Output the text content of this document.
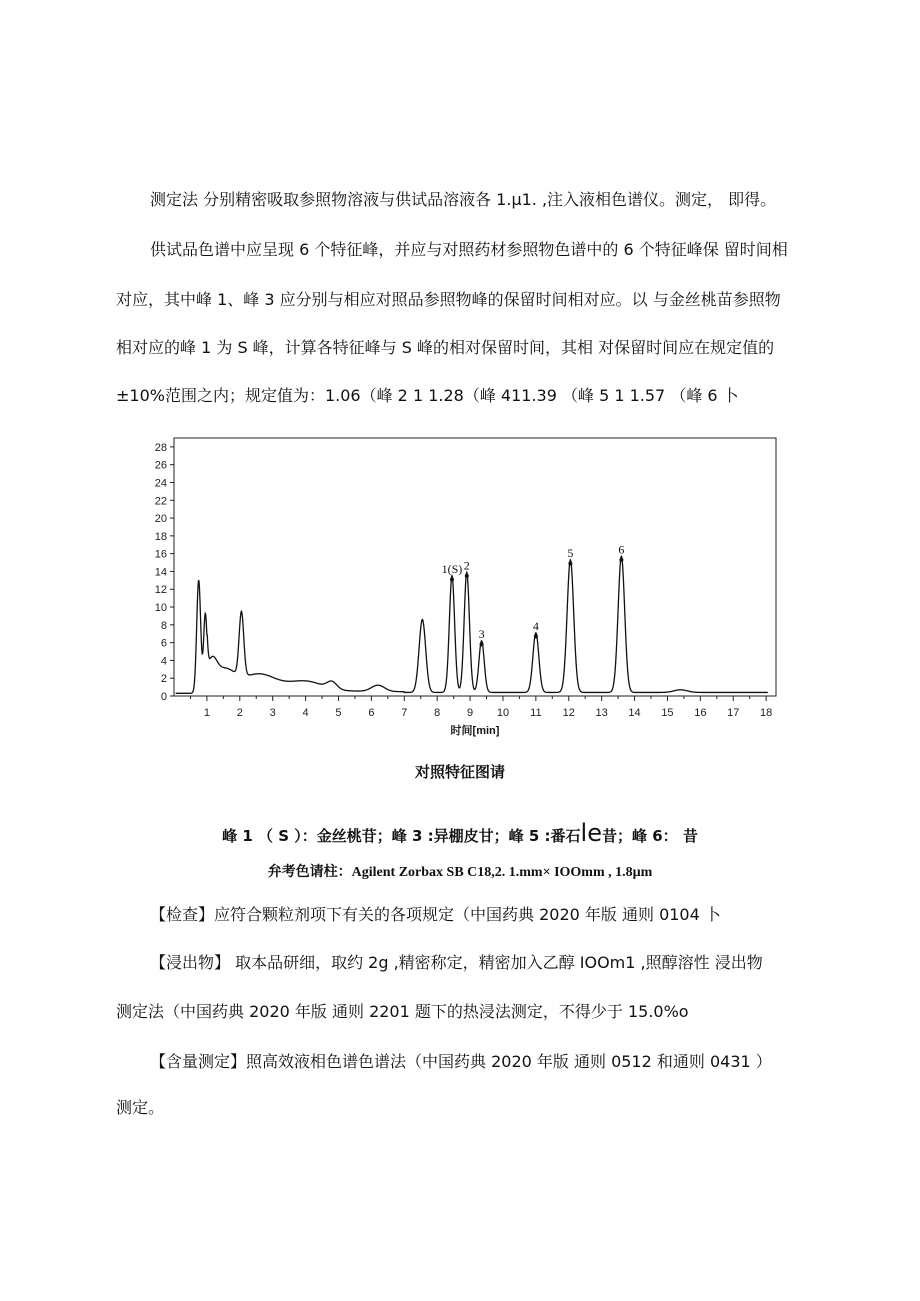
测定法 分别精密吸取参照物溶液与供试品溶液各 1.µ1. ,注入液相色谱仪。测定， 即得。
供试品色谱中应呈现 6 个特征峰，并应与对照药材参照物色谱中的 6 个特征峰保 留时间相
对应，其中峰 1、峰 3 应分别与相应对照品参照物峰的保留时间相对应。以 与金丝桃苗参照物
相对应的峰 1 为 S 峰，计算各特征峰与 S 峰的相对保留时间，其相 对保留时间应在规定值的
±10%范围之内；规定值为：1.06（峰 2 1 1.28（峰 411.39 （峰 5 1 1.57 （峰 6 卜
0
2
4
6
8
10
12
14
16
18
20
22
24
26
28
1 2 3 4 5 6 7 8 9 10 11 12 13 14 15 16 17 18
1(S) 2
3
4
5	6
时间[min]
对照特征图请
峰 1 （ S ）：金丝桃苷；峰 3 :异棚皮甘；峰 5 :番石le昔；峰 6： 昔
弁考色请柱：Agilent Zorbax SB C18,2. 1.mm× IOOmm , 1.8µm
【检查】应符合颗粒剂项下有关的各项规定（中国药典 2020 年版 通则 0104 卜
【浸出物】 取本品研细，取约 2g ,精密称定，精密加入乙醇 IOOm1 ,照醇溶性 浸出物
测定法（中国药典 2020 年版 通则 2201 题下的热浸法测定，不得少于 15.0%o
【含量测定】照高效液相色谱色谱法（中国药典 2020 年版 通则 0512 和通则 0431 ）
测定。
